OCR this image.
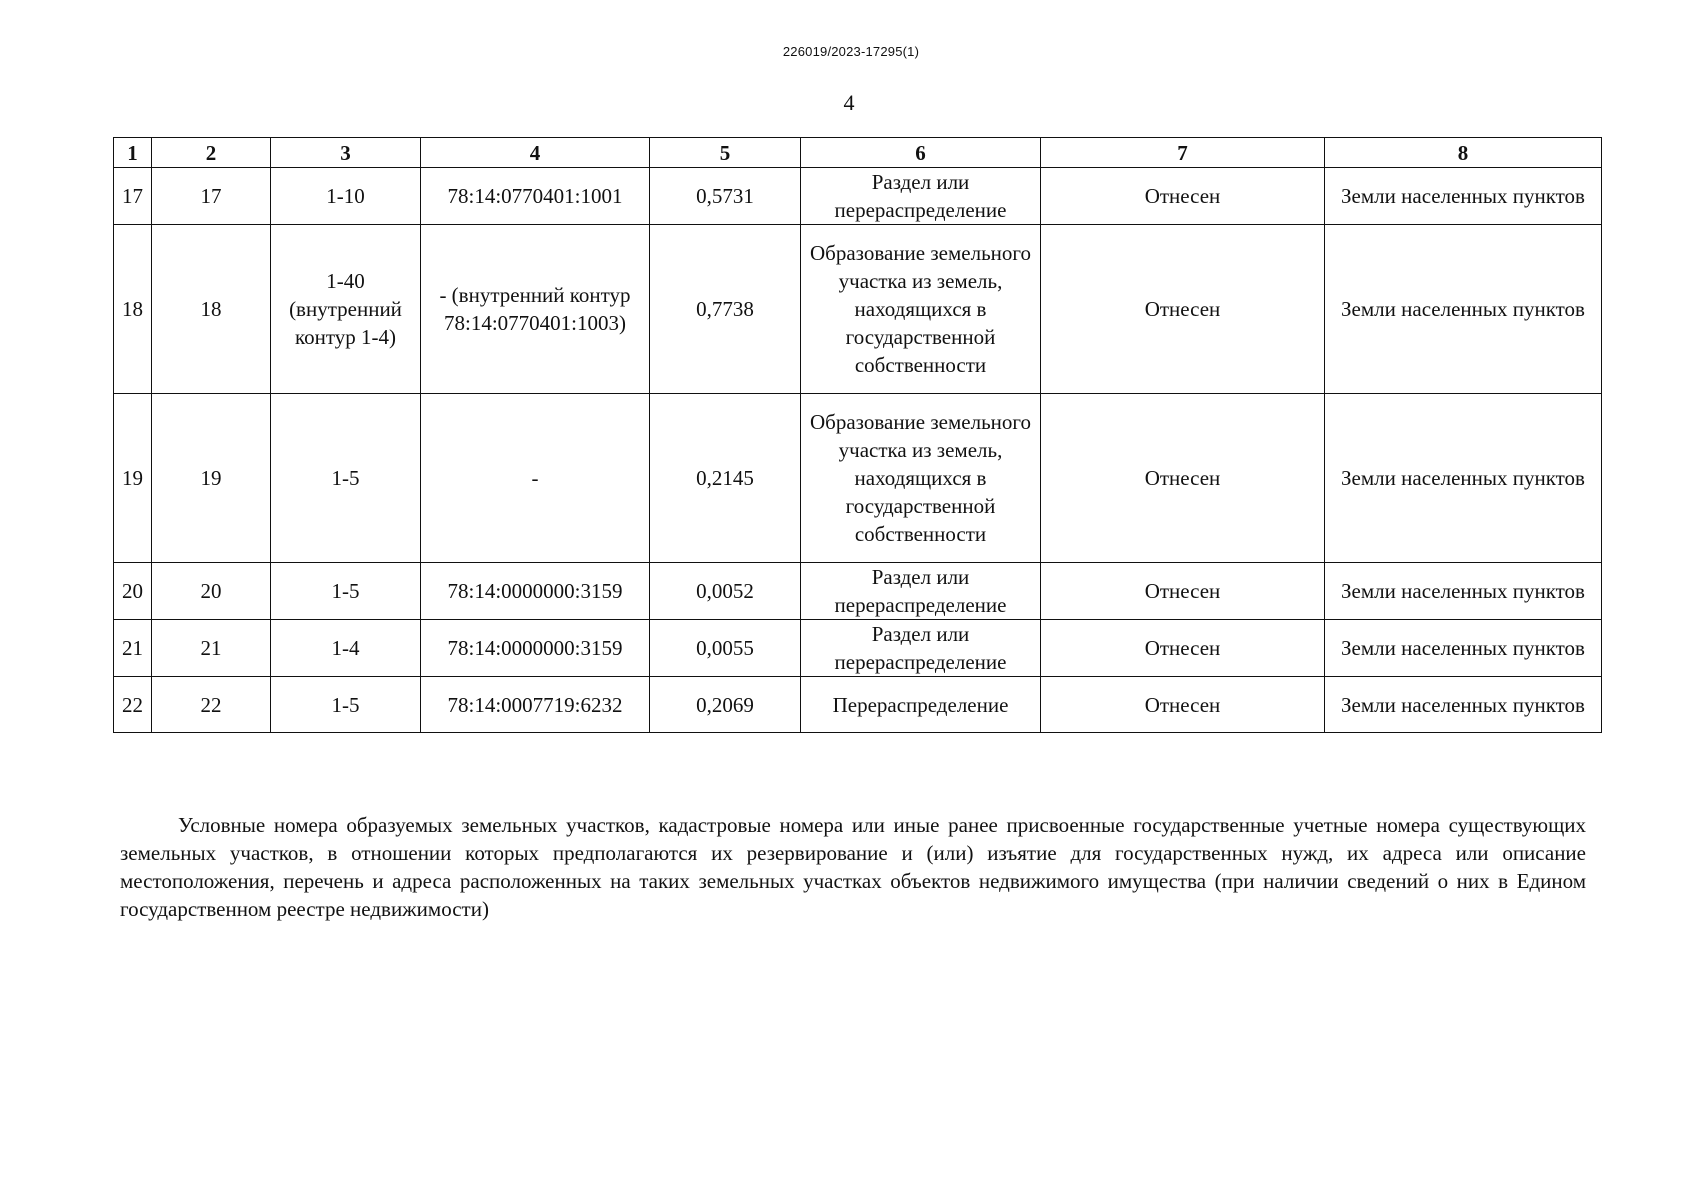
226019/2023-17295(1)
4
1	2	3	4	5	6	7	8
17	17	1-10	78:14:0770401:1001	0,5731	Раздел или перераспределение	Отнесен	Земли населенных пунктов
18	18	1-40 (внутренний контур 1-4)	- (внутренний контур 78:14:0770401:1003)	0,7738	Образование земельного участка из земель, находящихся в государственной собственности	Отнесен	Земли населенных пунктов
19	19	1-5	-	0,2145	Образование земельного участка из земель, находящихся в государственной собственности	Отнесен	Земли населенных пунктов
20	20	1-5	78:14:0000000:3159	0,0052	Раздел или перераспределение	Отнесен	Земли населенных пунктов
21	21	1-4	78:14:0000000:3159	0,0055	Раздел или перераспределение	Отнесен	Земли населенных пунктов
22	22	1-5	78:14:0007719:6232	0,2069	Перераспределение	Отнесен	Земли населенных пунктов

Условные номера образуемых земельных участков, кадастровые номера или иные ранее присвоенные государственные учетные номера существующих земельных участков, в отношении которых предполагаются их резервирование и (или) изъятие для государственных нужд, их адреса или описание местоположения, перечень и адреса расположенных на таких земельных участках объектов недвижимого имущества (при наличии сведений о них в Едином государственном реестре недвижимости)
